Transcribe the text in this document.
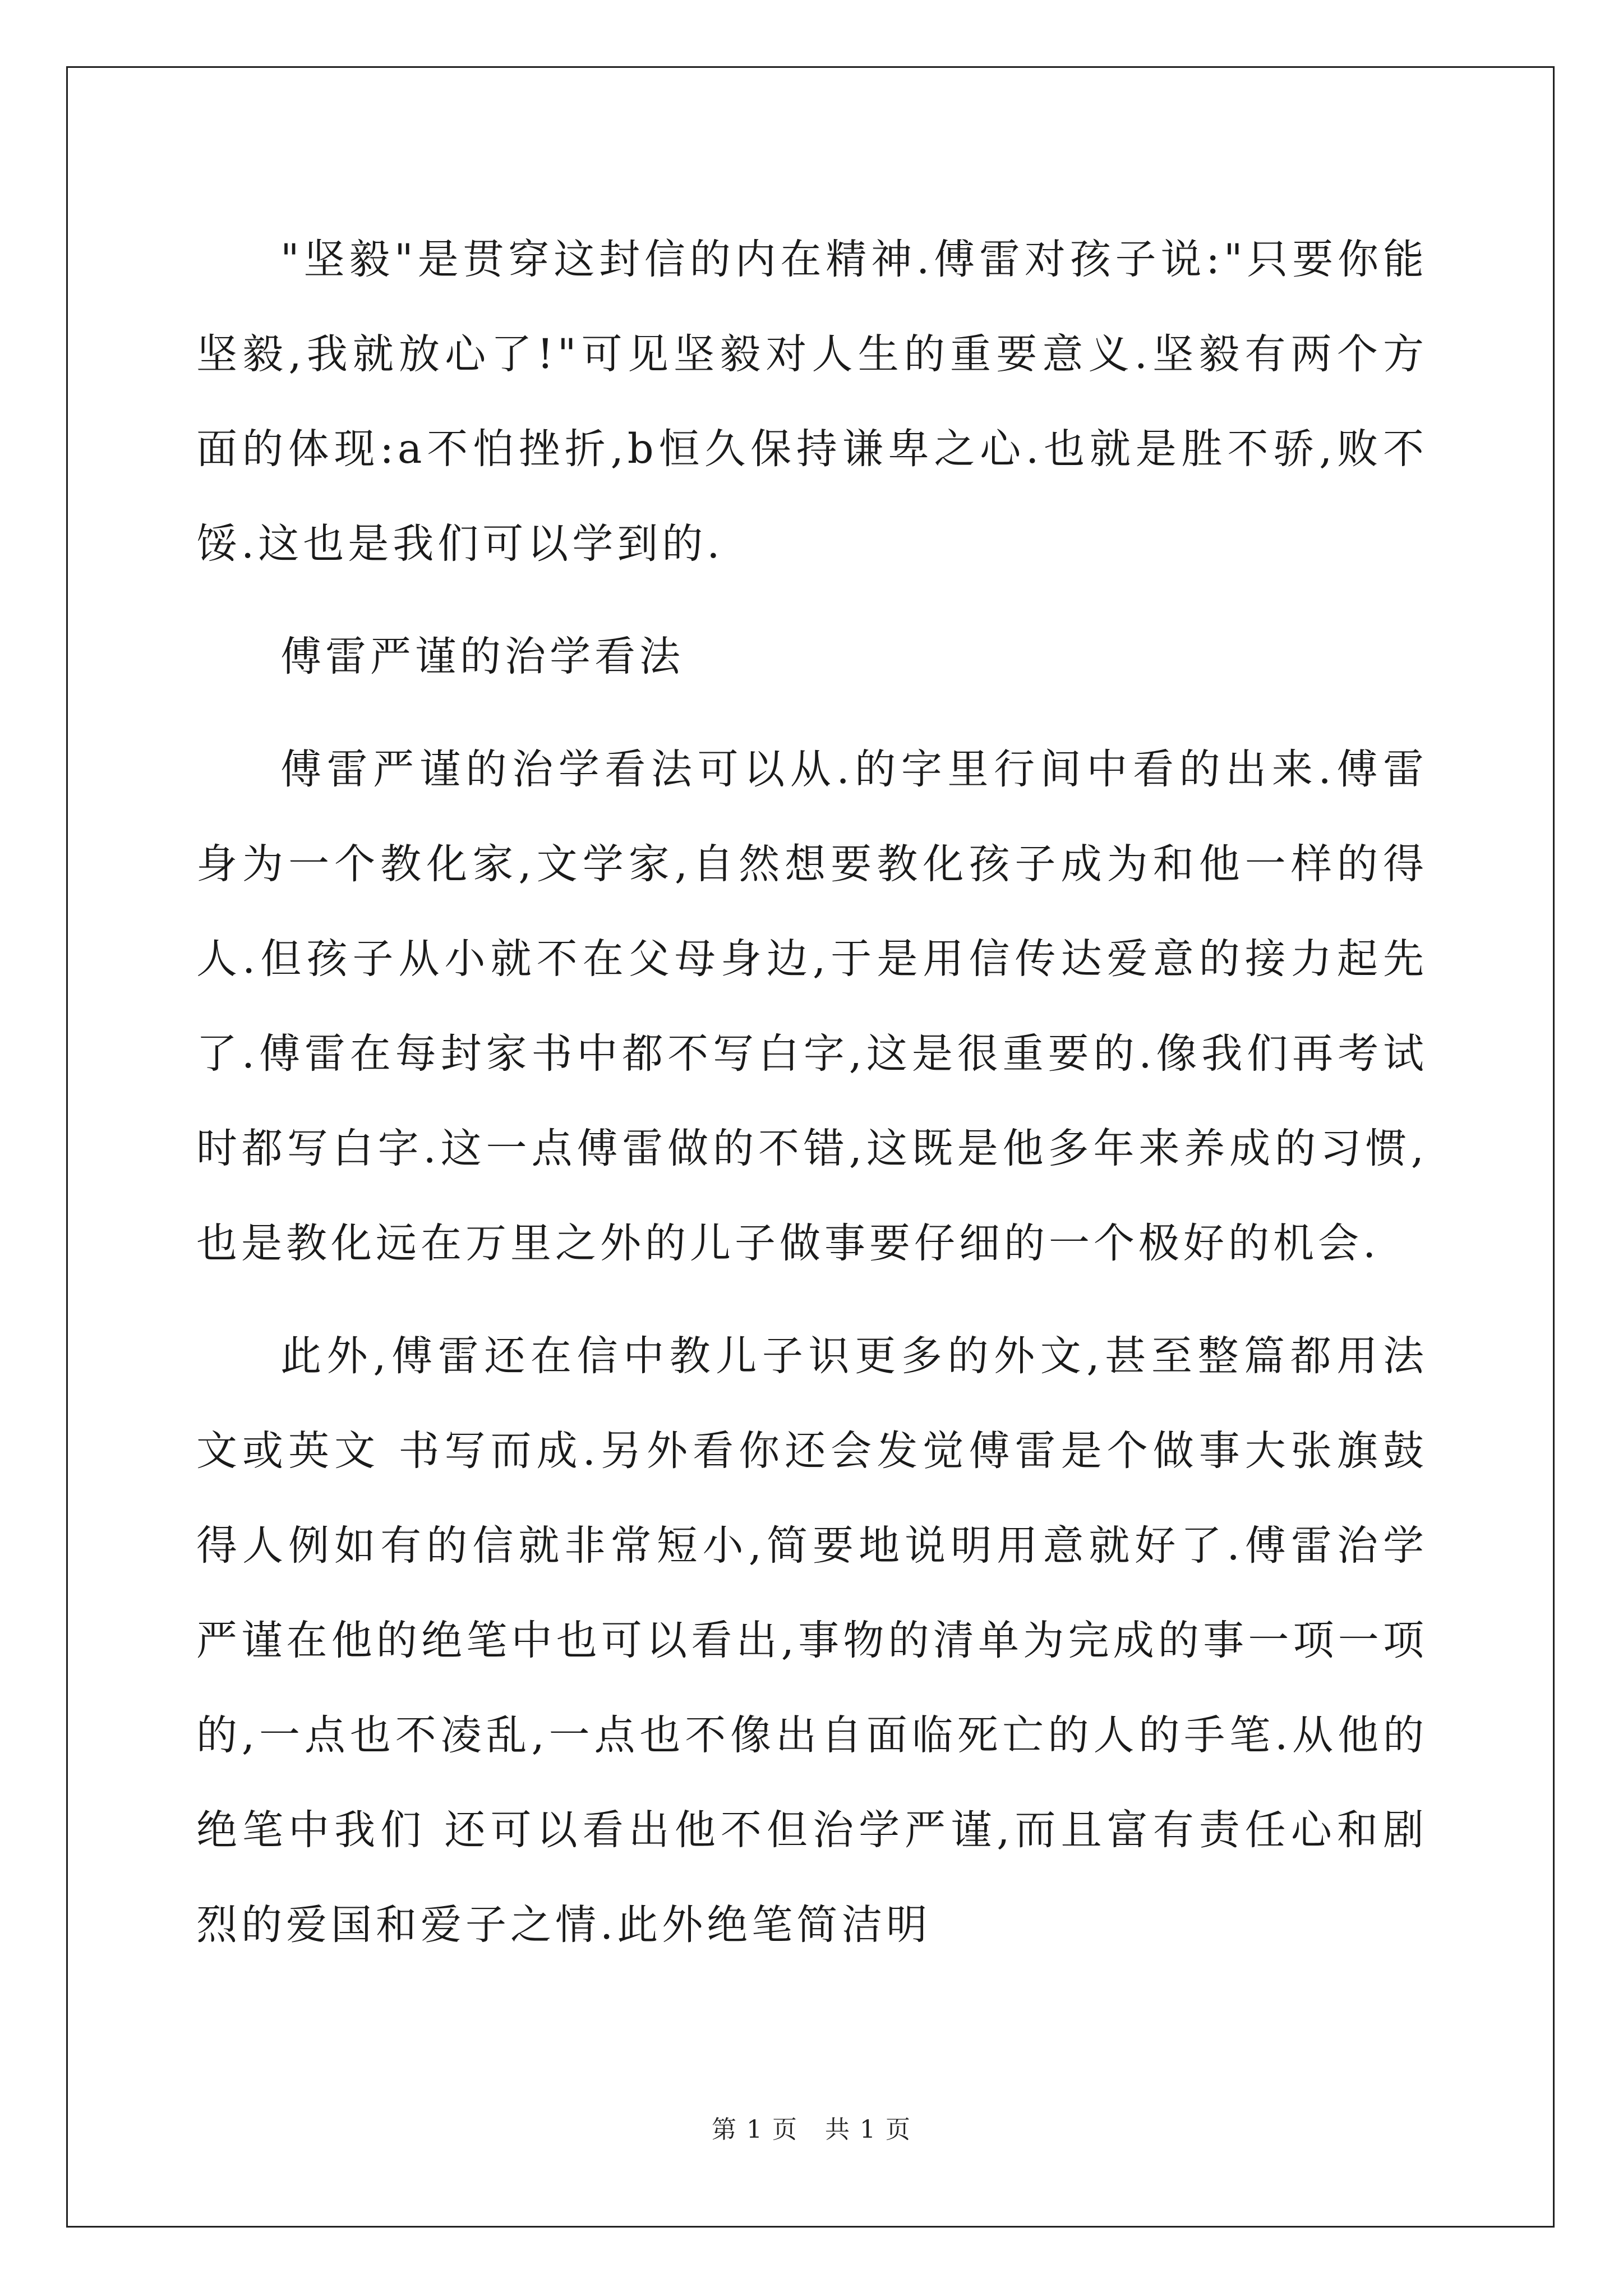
"坚毅"是贯穿这封信的内在精神.傅雷对孩子说:"只要你能坚毅,我就放心了!"可见坚毅对人生的重要意义.坚毅有两个方面的体现:a不怕挫折,b恒久保持谦卑之心.也就是胜不骄,败不馁.这也是我们可以学到的.

傅雷严谨的治学看法

傅雷严谨的治学看法可以从.的字里行间中看的出来.傅雷身为一个教化家,文学家,自然想要教化孩子成为和他一样的得人.但孩子从小就不在父母身边,于是用信传达爱意的接力起先了.傅雷在每封家书中都不写白字,这是很重要的.像我们再考试时都写白字.这一点傅雷做的不错,这既是他多年来养成的习惯,也是教化远在万里之外的儿子做事要仔细的一个极好的机会.

此外,傅雷还在信中教儿子识更多的外文,甚至整篇都用法文或英文 书写而成.另外看你还会发觉傅雷是个做事大张旗鼓得人例如有的信就非常短小,简要地说明用意就好了.傅雷治学严谨在他的绝笔中也可以看出,事物的清单为完成的事一项一项的,一点也不凌乱,一点也不像出自面临死亡的人的手笔.从他的绝笔中我们 还可以看出他不但治学严谨,而且富有责任心和剧烈的爱国和爱子之情.此外绝笔简洁明

第 1 页   共 1 页
